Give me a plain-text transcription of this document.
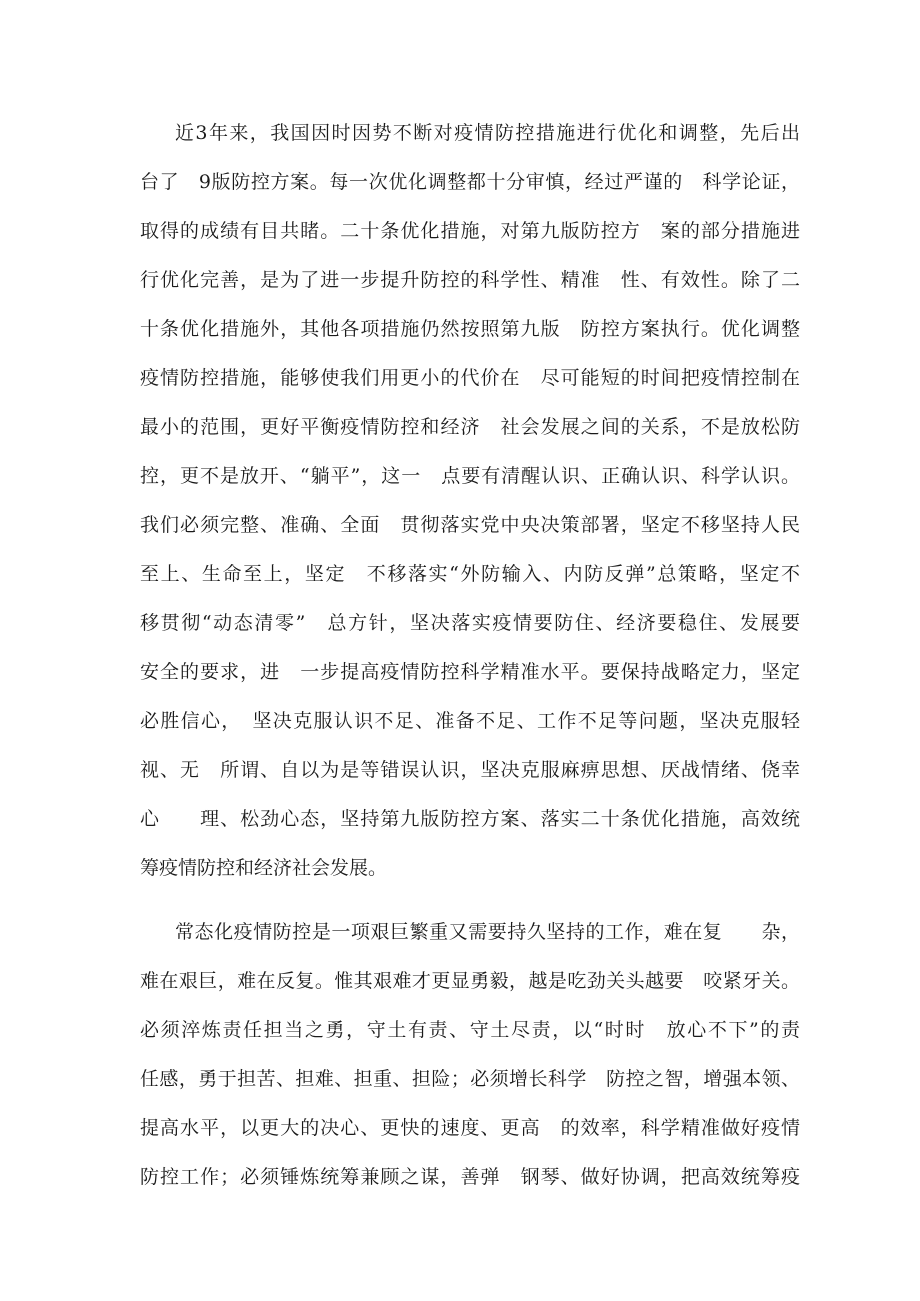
近3年来，我国因时因势不断对疫情防控措施进行优化和调整，先后出
台了　9版防控方案。每一次优化调整都十分审慎，经过严谨的　科学论证，
取得的成绩有目共睹。二十条优化措施，对第九版防控方　案的部分措施进
行优化完善，是为了进一步提升防控的科学性、精准　性、有效性。除了二
十条优化措施外，其他各项措施仍然按照第九版　防控方案执行。优化调整
疫情防控措施，能够使我们用更小的代价在　尽可能短的时间把疫情控制在
最小的范围，更好平衡疫情防控和经济　社会发展之间的关系，不是放松防
控，更不是放开、“躺平”，这一　点要有清醒认识、正确认识、科学认识。
我们必须完整、准确、全面　贯彻落实党中央决策部署，坚定不移坚持人民
至上、生命至上，坚定　不移落实“外防输入、内防反弹”总策略，坚定不
移贯彻“动态清零”　总方针，坚决落实疫情要防住、经济要稳住、发展要
安全的要求，进　一步提高疫情防控科学精准水平。要保持战略定力，坚定
必胜信心，　坚决克服认识不足、准备不足、工作不足等问题，坚决克服轻
视、无　所谓、自以为是等错误认识，坚决克服麻痹思想、厌战情绪、侥幸
心　　理、松劲心态，坚持第九版防控方案、落实二十条优化措施，高效统
筹疫情防控和经济社会发展。
常态化疫情防控是一项艰巨繁重又需要持久坚持的工作，难在复　　杂，
难在艰巨，难在反复。惟其艰难才更显勇毅，越是吃劲关头越要　咬紧牙关。
必须淬炼责任担当之勇，守土有责、守土尽责，以“时时　放心不下”的责
任感，勇于担苦、担难、担重、担险；必须增长科学　防控之智，增强本领、
提高水平，以更大的决心、更快的速度、更高　的效率，科学精准做好疫情
防控工作；必须锤炼统筹兼顾之谋，善弹　钢琴、做好协调，把高效统筹疫
